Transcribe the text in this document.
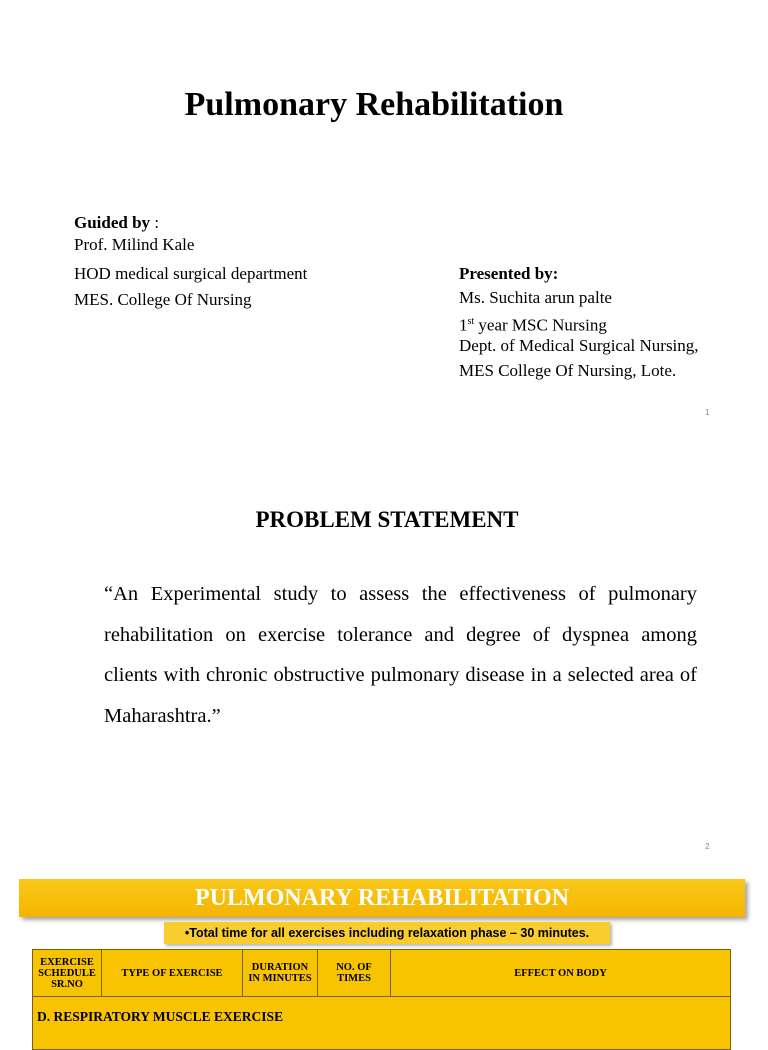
Pulmonary Rehabilitation
Guided by :
Prof. Milind Kale
HOD medical surgical department
MES. College Of Nursing
Presented by:
Ms. Suchita arun palte
1st year MSC Nursing
Dept. of Medical Surgical Nursing,
MES College Of Nursing, Lote.
1
PROBLEM STATEMENT
“An Experimental study to assess the effectiveness of pulmonary rehabilitation on exercise tolerance and degree of dyspnea among clients with chronic obstructive pulmonary disease in a selected area of Maharashtra.”
2
PULMONARY REHABILITATION
•Total time for all exercises including relaxation phase – 30 minutes.
EXERCISE SCHEDULE SR.NO	TYPE OF EXERCISE	DURATION IN MINUTES	NO. OF TIMES	EFFECT ON BODY
D. RESPIRATORY MUSCLE EXERCISE
